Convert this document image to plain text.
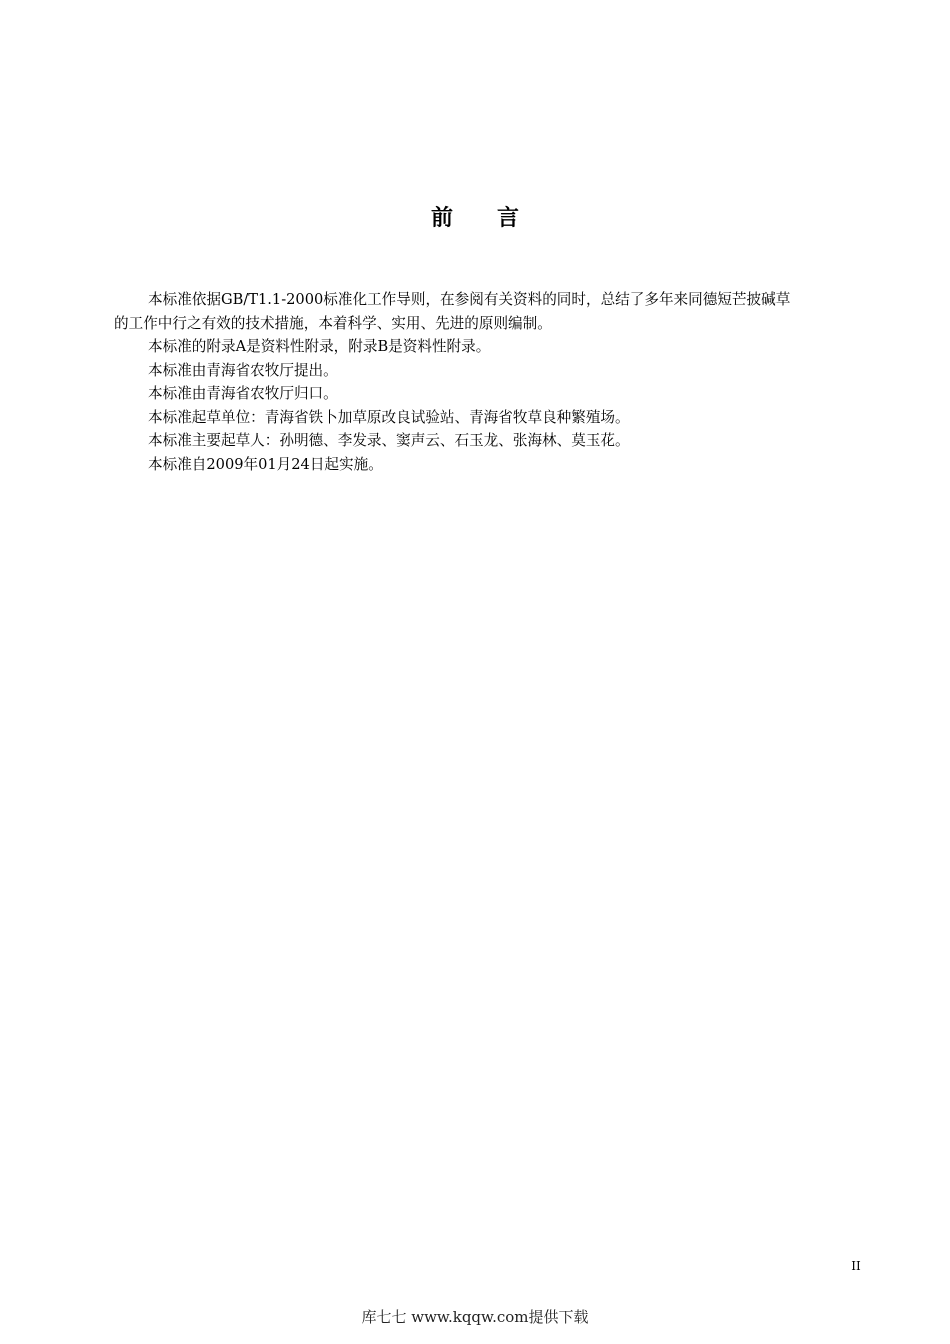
前　　言

本标准依据GB/T1.1-2000标准化工作导则，在参阅有关资料的同时，总结了多年来同德短芒披碱草

的工作中行之有效的技术措施，本着科学、实用、先进的原则编制。

本标准的附录A是资料性附录，附录B是资料性附录。

本标准由青海省农牧厅提出。

本标准由青海省农牧厅归口。

本标准起草单位：青海省铁卜加草原改良试验站、青海省牧草良种繁殖场。

本标准主要起草人：孙明德、李发录、窦声云、石玉龙、张海林、莫玉花。

本标准自2009年01月24日起实施。

II
库七七 www.kqqw.com提供下载
